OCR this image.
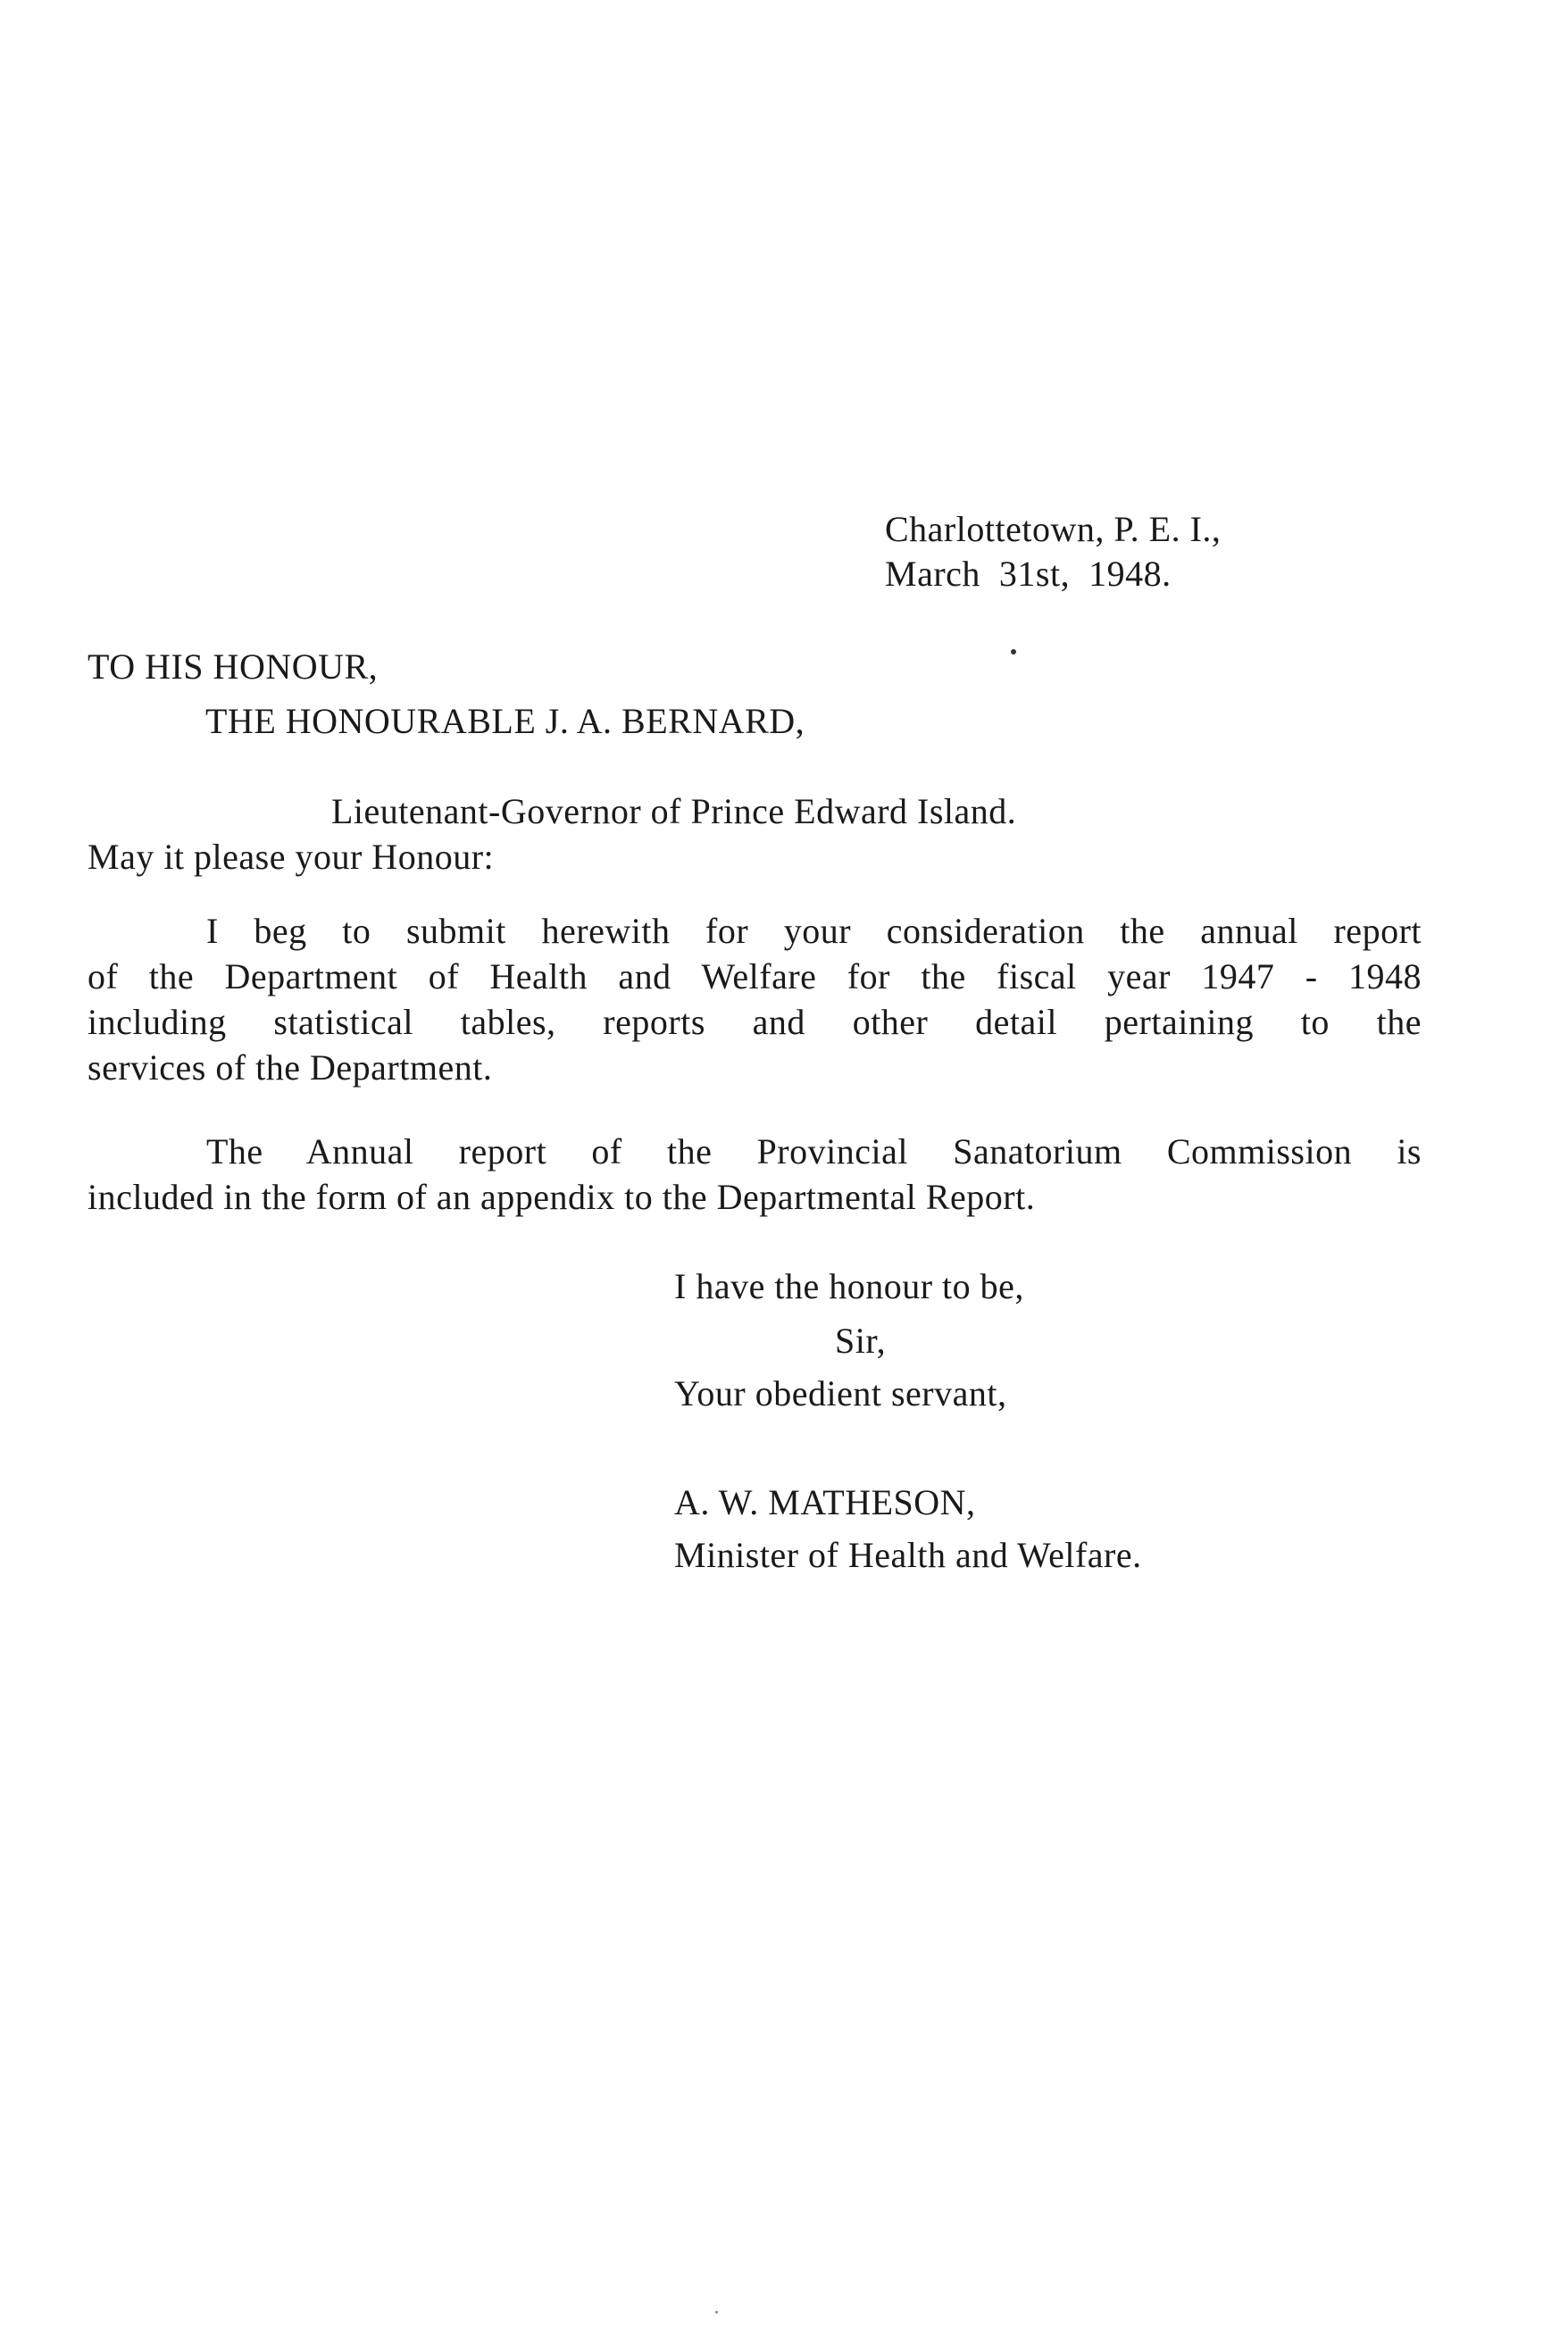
Charlottetown, P. E. I.,
March  31st,  1948.
TO HIS HONOUR,
THE HONOURABLE J. A. BERNARD,
Lieutenant-Governor of Prince Edward Island.
May it please your Honour:
I beg to submit herewith for your consideration the annual report
of the Department of Health and Welfare for the fiscal year 1947 - 1948
including statistical tables, reports and other detail pertaining to the
services of the Department.
The Annual report of the Provincial Sanatorium Commission is
included in the form of an appendix to the Departmental Report.
I have the honour to be,
Sir,
Your obedient servant,
A. W. MATHESON,
Minister of Health and Welfare.
